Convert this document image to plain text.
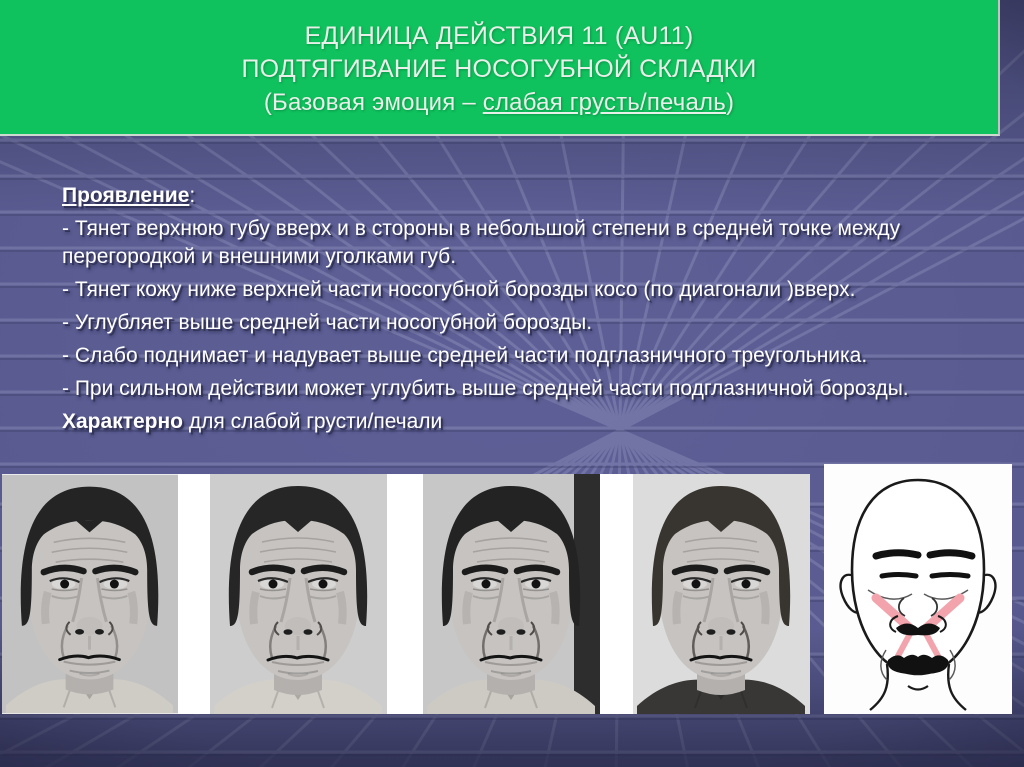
ЕДИНИЦА ДЕЙСТВИЯ 11 (AU11)
ПОДТЯГИВАНИЕ НОСОГУБНОЙ СКЛАДКИ
(Базовая эмоция – слабая грусть/печаль)

Проявление:

- Тянет верхнюю губу вверх и в стороны в небольшой степени в средней точке между перегородкой и внешними уголками губ.

- Тянет кожу ниже верхней части носогубной борозды косо (по диагонали )вверх.

- Углубляет выше средней части носогубной борозды.

- Слабо поднимает и надувает выше средней части подглазничного треугольника.

- При сильном действии может углубить выше средней части подглазничной борозды.

Характерно для слабой грусти/печали
